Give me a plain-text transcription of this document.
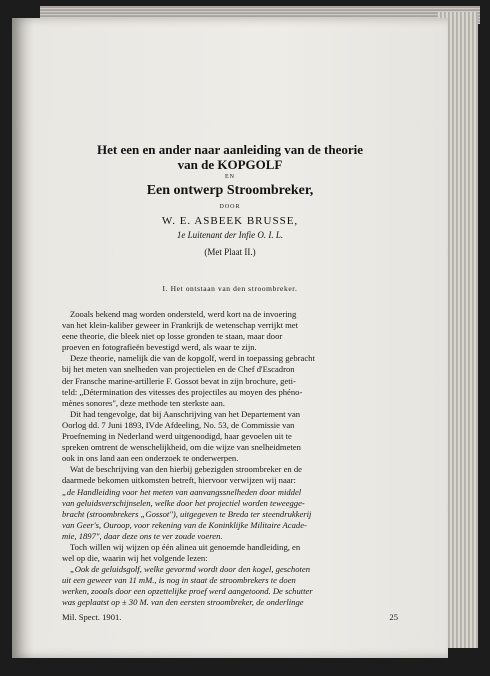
Het een en ander naar aanleiding van de theorie
van de KOPGOLF
EN
Een ontwerp Stroombreker,
DOOR
W. E. ASBEEK BRUSSE,
1e Luitenant der Infie O. I. L.
(Met Plaat II.)
I. Het ontstaan van den stroombreker.
Zooals bekend mag worden ondersteld, werd kort na de invoering
van het klein-kaliber geweer in Frankrijk de wetenschap verrijkt met
eene theorie, die bleek niet op losse gronden te staan, maar door
proeven en fotografieën bevestigd werd, als waar te zijn.
Deze theorie, namelijk die van de kopgolf, werd in toepassing gebracht
bij het meten van snelheden van projectielen en de Chef d'Escadron
der Fransche marine-artillerie F. Gossot bevat in zijn brochure, geti-
teld: „Détermination des vitesses des projectiles au moyen des phéno-
mènes sonores", deze methode ten sterkste aan.
Dit had tengevolge, dat bij Aanschrijving van het Departement van
Oorlog dd. 7 Juni 1893, IVde Afdeeling, No. 53, de Commissie van
Proefneming in Nederland werd uitgenoodigd, haar gevoelen uit te
spreken omtrent de wenschelijkheid, om die wijze van snelheidmeten
ook in ons land aan een onderzoek te onderwerpen.
Wat de beschrijving van den hierbij gebezigden stroombreker en de
daarmede bekomen uitkomsten betreft, hiervoor verwijzen wij naar:
„de Handleiding voor het meten van aanvangssnelheden door middel
van geluidsverschijnselen, welke door het projectiel worden teweegge-
bracht (stroombrekers „Gossot"), uitgegeven te Breda ter steendrukkerij
van Geer's, Ouroop, voor rekening van de Koninklijke Militaire Acade-
mie, 1897", daar deze ons te ver zoude voeren.
Toch willen wij wijzen op één alinea uit genoemde handleiding, en
wel op die, waarin wij het volgende lezen:
„Ook de geluidsgolf, welke gevormd wordt door den kogel, geschoten
uit een geweer van 11 mM., is nog in staat de stroombrekers te doen
werken, zooals door een opzettelijke proef werd aangetoond. De schutter
was geplaatst op ± 30 M. van den eersten stroombreker, de onderlinge
Mil. Spect. 1901.	25
